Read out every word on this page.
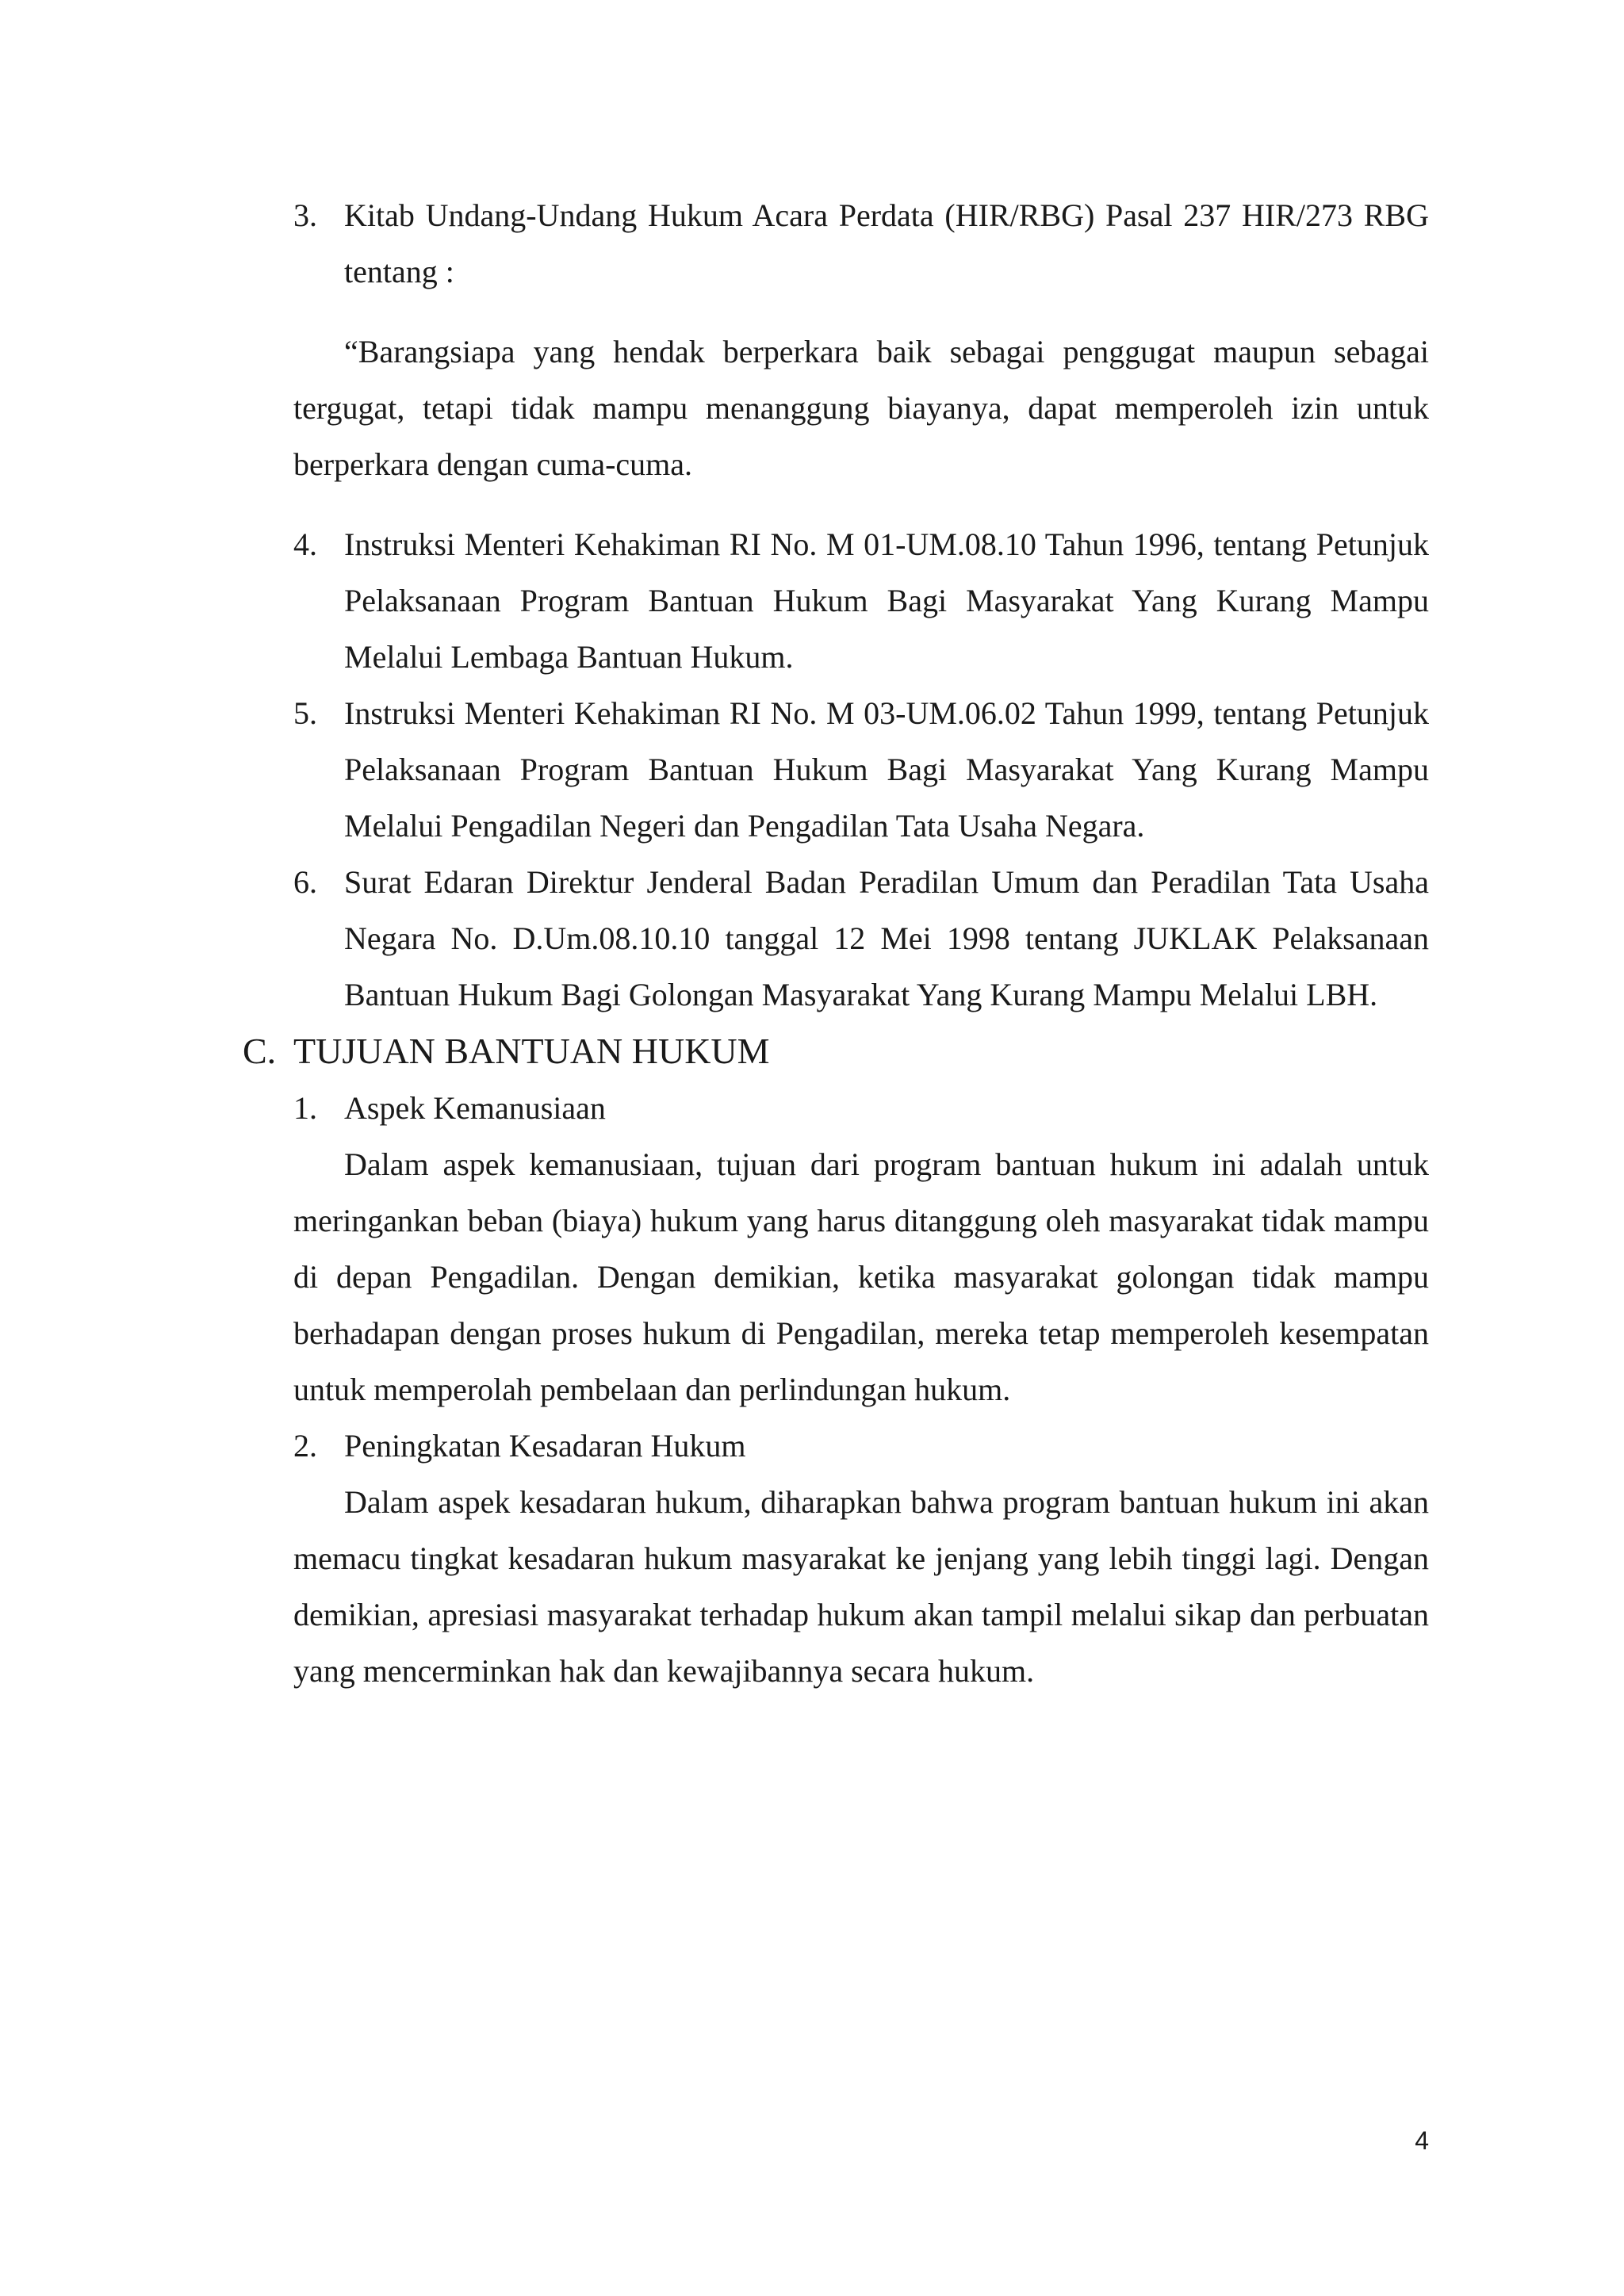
3. Kitab Undang-Undang Hukum Acara Perdata (HIR/RBG) Pasal 237 HIR/273 RBG tentang :

“Barangsiapa yang hendak berperkara baik sebagai penggugat maupun sebagai tergugat, tetapi tidak mampu menanggung biayanya, dapat memperoleh izin untuk berperkara dengan cuma-cuma.

4. Instruksi Menteri Kehakiman RI No. M 01-UM.08.10 Tahun 1996, tentang Petunjuk Pelaksanaan Program Bantuan Hukum Bagi Masyarakat Yang Kurang Mampu Melalui Lembaga Bantuan Hukum.
5. Instruksi Menteri Kehakiman RI No. M 03-UM.06.02 Tahun 1999, tentang Petunjuk Pelaksanaan Program Bantuan Hukum Bagi Masyarakat Yang Kurang Mampu Melalui Pengadilan Negeri dan Pengadilan Tata Usaha Negara.
6. Surat Edaran Direktur Jenderal Badan Peradilan Umum dan Peradilan Tata Usaha Negara No. D.Um.08.10.10 tanggal 12 Mei 1998 tentang JUKLAK Pelaksanaan Bantuan Hukum Bagi Golongan Masyarakat Yang Kurang Mampu Melalui LBH.
C. TUJUAN BANTUAN HUKUM
1. Aspek Kemanusiaan

Dalam aspek kemanusiaan, tujuan dari program bantuan hukum ini adalah untuk meringankan beban (biaya) hukum yang harus ditanggung oleh masyarakat tidak mampu di depan Pengadilan. Dengan demikian, ketika masyarakat golongan tidak mampu berhadapan dengan proses hukum di Pengadilan, mereka tetap memperoleh kesempatan untuk memperolah pembelaan dan perlindungan hukum.

2. Peningkatan Kesadaran Hukum

Dalam aspek kesadaran hukum, diharapkan bahwa program bantuan hukum ini akan memacu tingkat kesadaran hukum masyarakat ke jenjang yang lebih tinggi lagi. Dengan demikian, apresiasi masyarakat terhadap hukum akan tampil melalui sikap dan perbuatan yang mencerminkan hak dan kewajibannya secara hukum.

4
